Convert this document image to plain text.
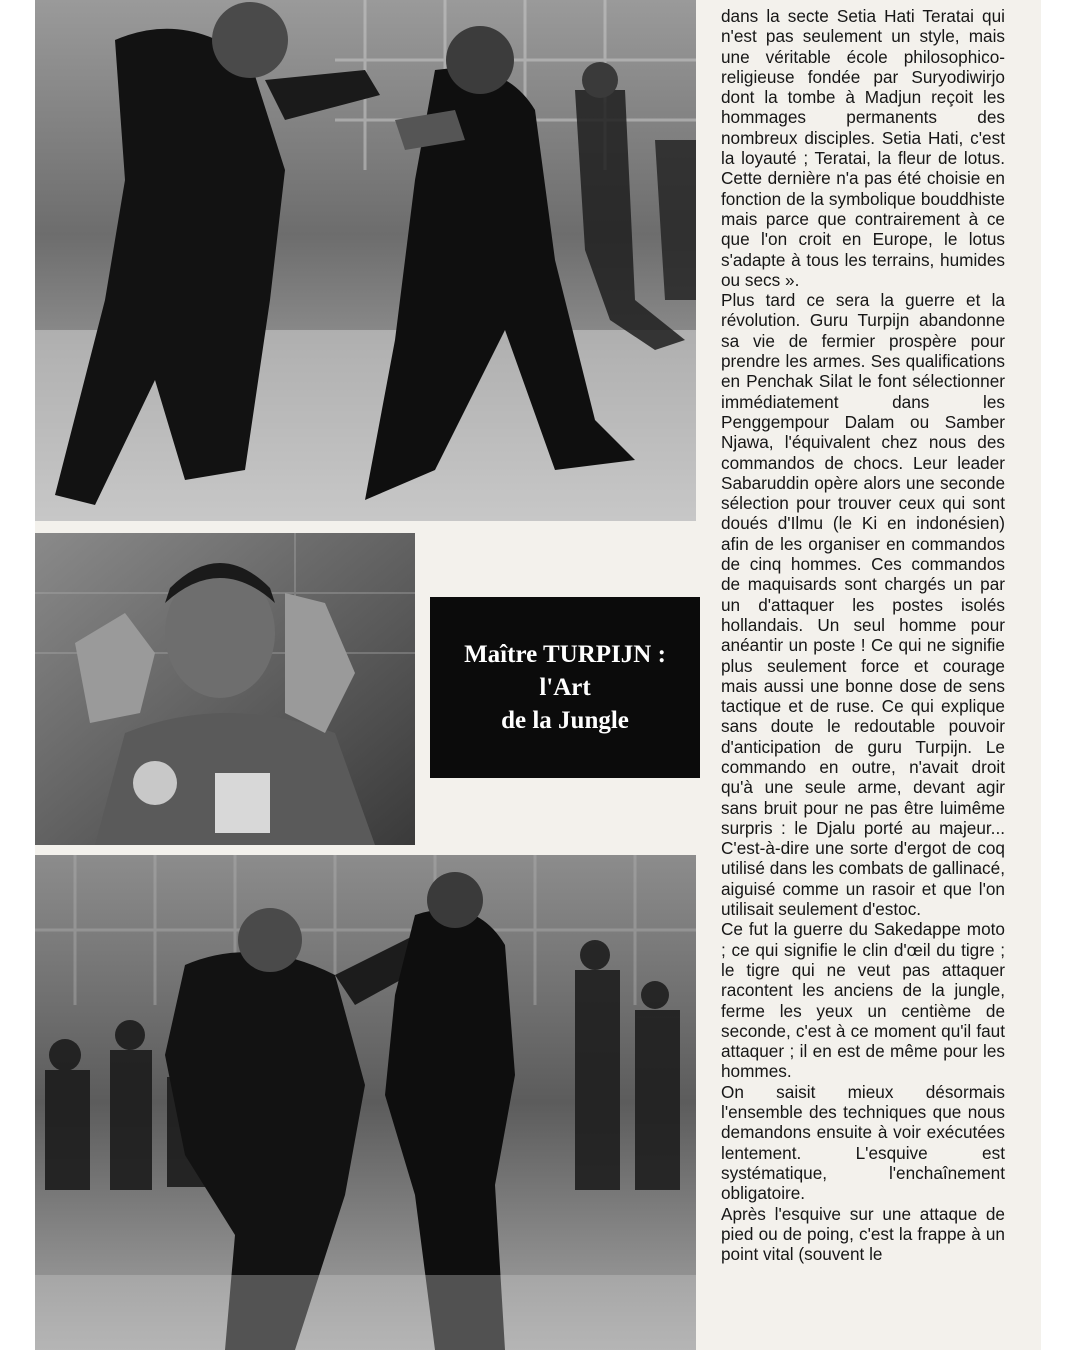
Maître TURPIJN :
l'Art
de la Jungle

dans la secte Setia Hati Teratai qui n'est pas seulement un style, mais une véritable école philosophico-religieuse fondée par Suryodiwirjo dont la tombe à Madjun reçoit les hommages permanents des nombreux disciples. Setia Hati, c'est la loyauté ; Teratai, la fleur de lotus. Cette dernière n'a pas été choisie en fonction de la symbolique bouddhiste mais parce que contrairement à ce que l'on croit en Europe, le lotus s'adapte à tous les terrains, humides ou secs ».

Plus tard ce sera la guerre et la révolution. Guru Turpijn abandonne sa vie de fermier prospère pour prendre les armes. Ses qualifications en Penchak Silat le font sélectionner immédiatement dans les Penggempour Dalam ou Samber Njawa, l'équivalent chez nous des commandos de chocs. Leur leader Sabaruddin opère alors une seconde sélection pour trouver ceux qui sont doués d'Ilmu (le Ki en indonésien) afin de les organiser en commandos de cinq hommes. Ces commandos de maquisards sont chargés un par un d'attaquer les postes isolés hollandais. Un seul homme pour anéantir un poste ! Ce qui ne signifie plus seulement force et courage mais aussi une bonne dose de sens tactique et de ruse. Ce qui explique sans doute le redoutable pouvoir d'anticipation de guru Turpijn. Le commando en outre, n'avait droit qu'à une seule arme, devant agir sans bruit pour ne pas être luimême surpris : le Djalu porté au majeur... C'est-à-dire une sorte d'ergot de coq utilisé dans les combats de gallinacé, aiguisé comme un rasoir et que l'on utilisait seulement d'estoc.

Ce fut la guerre du Sakedappe moto ; ce qui signifie le clin d'œil du tigre ; le tigre qui ne veut pas attaquer racontent les anciens de la jungle, ferme les yeux un centième de seconde, c'est à ce moment qu'il faut attaquer ; il en est de même pour les hommes.

On saisit mieux désormais l'ensemble des techniques que nous demandons ensuite à voir exécutées lentement. L'esquive est systématique, l'enchaînement obligatoire.

Après l'esquive sur une attaque de pied ou de poing, c'est la frappe à un point vital (souvent le
